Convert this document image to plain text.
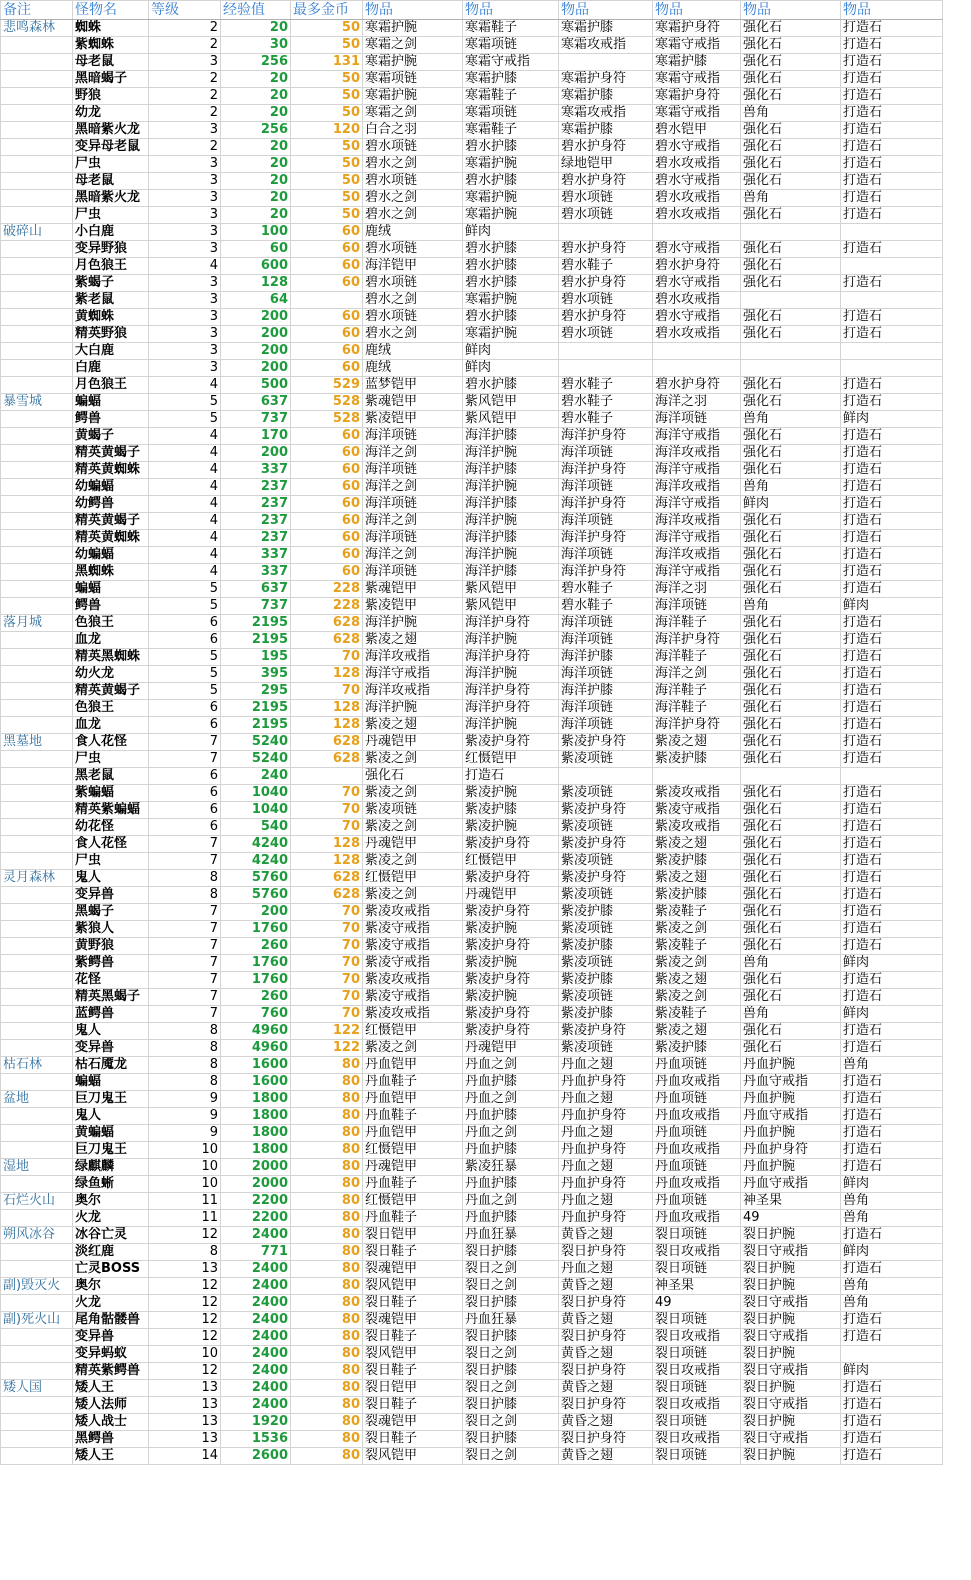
备注	怪物名	等级	经验值	最多金币	物品	物品	物品	物品	物品	物品
悲鸣森林	蜘蛛	2	20	50	寒霜护腕	寒霜鞋子	寒霜护膝	寒霜护身符	强化石	打造石
	紫蜘蛛	2	30	50	寒霜之剑	寒霜项链	寒霜攻戒指	寒霜守戒指	强化石	打造石
	母老鼠	3	256	131	寒霜护腕	寒霜守戒指		寒霜护膝	强化石	打造石
	黑暗蝎子	2	20	50	寒霜项链	寒霜护膝	寒霜护身符	寒霜守戒指	强化石	打造石
	野狼	2	20	50	寒霜护腕	寒霜鞋子	寒霜护膝	寒霜护身符	强化石	打造石
	幼龙	2	20	50	寒霜之剑	寒霜项链	寒霜攻戒指	寒霜守戒指	兽角	打造石
	黑暗紫火龙	3	256	120	白合之羽	寒霜鞋子	寒霜护膝	碧水铠甲	强化石	打造石
	变异母老鼠	2	20	50	碧水项链	碧水护膝	碧水护身符	碧水守戒指	强化石	打造石
	尸虫	3	20	50	碧水之剑	寒霜护腕	绿地铠甲	碧水攻戒指	强化石	打造石
	母老鼠	3	20	50	碧水项链	碧水护膝	碧水护身符	碧水守戒指	强化石	打造石
	黑暗紫火龙	3	20	50	碧水之剑	寒霜护腕	碧水项链	碧水攻戒指	兽角	打造石
	尸虫	3	20	50	碧水之剑	寒霜护腕	碧水项链	碧水攻戒指	强化石	打造石
破碎山	小白鹿	3	100	60	鹿绒	鲜肉				
	变异野狼	3	60	60	碧水项链	碧水护膝	碧水护身符	碧水守戒指	强化石	打造石
	月色狼王	4	600	60	海洋铠甲	碧水护膝	碧水鞋子	碧水护身符	强化石	
	紫蝎子	3	128	60	碧水项链	碧水护膝	碧水护身符	碧水守戒指	强化石	打造石
	紫老鼠	3	64		碧水之剑	寒霜护腕	碧水项链	碧水攻戒指		
	黄蜘蛛	3	200	60	碧水项链	碧水护膝	碧水护身符	碧水守戒指	强化石	打造石
	精英野狼	3	200	60	碧水之剑	寒霜护腕	碧水项链	碧水攻戒指	强化石	打造石
	大白鹿	3	200	60	鹿绒	鲜肉				
	白鹿	3	200	60	鹿绒	鲜肉				
	月色狼王	4	500	529	蓝梦铠甲	碧水护膝	碧水鞋子	碧水护身符	强化石	打造石
暴雪城	蝙蝠	5	637	528	紫魂铠甲	紫风铠甲	碧水鞋子	海洋之羽	强化石	打造石
	鳄兽	5	737	528	紫凌铠甲	紫风铠甲	碧水鞋子	海洋项链	兽角	鲜肉
	黄蝎子	4	170	60	海洋项链	海洋护膝	海洋护身符	海洋守戒指	强化石	打造石
	精英黄蝎子	4	200	60	海洋之剑	海洋护腕	海洋项链	海洋攻戒指	强化石	打造石
	精英黄蜘蛛	4	337	60	海洋项链	海洋护膝	海洋护身符	海洋守戒指	强化石	打造石
	幼蝙蝠	4	237	60	海洋之剑	海洋护腕	海洋项链	海洋攻戒指	兽角	打造石
	幼鳄兽	4	237	60	海洋项链	海洋护膝	海洋护身符	海洋守戒指	鲜肉	打造石
	精英黄蝎子	4	237	60	海洋之剑	海洋护腕	海洋项链	海洋攻戒指	强化石	打造石
	精英黄蜘蛛	4	237	60	海洋项链	海洋护膝	海洋护身符	海洋守戒指	强化石	打造石
	幼蝙蝠	4	337	60	海洋之剑	海洋护腕	海洋项链	海洋攻戒指	强化石	打造石
	黑蜘蛛	4	337	60	海洋项链	海洋护膝	海洋护身符	海洋守戒指	强化石	打造石
	蝙蝠	5	637	228	紫魂铠甲	紫风铠甲	碧水鞋子	海洋之羽	强化石	打造石
	鳄兽	5	737	228	紫凌铠甲	紫风铠甲	碧水鞋子	海洋项链	兽角	鲜肉
落月城	色狼王	6	2195	628	海洋护腕	海洋护身符	海洋项链	海洋鞋子	强化石	打造石
	血龙	6	2195	628	紫凌之翅	海洋护腕	海洋项链	海洋护身符	强化石	打造石
	精英黑蜘蛛	5	195	70	海洋攻戒指	海洋护身符	海洋护膝	海洋鞋子	强化石	打造石
	幼火龙	5	395	128	海洋守戒指	海洋护腕	海洋项链	海洋之剑	强化石	打造石
	精英黄蝎子	5	295	70	海洋攻戒指	海洋护身符	海洋护膝	海洋鞋子	强化石	打造石
	色狼王	6	2195	128	海洋护腕	海洋护身符	海洋项链	海洋鞋子	强化石	打造石
	血龙	6	2195	128	紫凌之翅	海洋护腕	海洋项链	海洋护身符	强化石	打造石
黑墓地	食人花怪	7	5240	628	丹魂铠甲	紫凌护身符	紫凌护身符	紫凌之翅	强化石	打造石
	尸虫	7	5240	628	紫凌之剑	红慑铠甲	紫凌项链	紫凌护膝	强化石	打造石
	黑老鼠	6	240		强化石	打造石				
	紫蝙蝠	6	1040	70	紫凌之剑	紫凌护腕	紫凌项链	紫凌攻戒指	强化石	打造石
	精英紫蝙蝠	6	1040	70	紫凌项链	紫凌护膝	紫凌护身符	紫凌守戒指	强化石	打造石
	幼花怪	6	540	70	紫凌之剑	紫凌护腕	紫凌项链	紫凌攻戒指	强化石	打造石
	食人花怪	7	4240	128	丹魂铠甲	紫凌护身符	紫凌护身符	紫凌之翅	强化石	打造石
	尸虫	7	4240	128	紫凌之剑	红慑铠甲	紫凌项链	紫凌护膝	强化石	打造石
灵月森林	鬼人	8	5760	628	红慑铠甲	紫凌护身符	紫凌护身符	紫凌之翅	强化石	打造石
	变异兽	8	5760	628	紫凌之剑	丹魂铠甲	紫凌项链	紫凌护膝	强化石	打造石
	黑蝎子	7	200	70	紫凌攻戒指	紫凌护身符	紫凌护膝	紫凌鞋子	强化石	打造石
	紫狼人	7	1760	70	紫凌守戒指	紫凌护腕	紫凌项链	紫凌之剑	强化石	打造石
	黄野狼	7	260	70	紫凌守戒指	紫凌护身符	紫凌护膝	紫凌鞋子	强化石	打造石
	紫鳄兽	7	1760	70	紫凌守戒指	紫凌护腕	紫凌项链	紫凌之剑	兽角	鲜肉
	花怪	7	1760	70	紫凌攻戒指	紫凌护身符	紫凌护膝	紫凌之翅	强化石	打造石
	精英黑蝎子	7	260	70	紫凌守戒指	紫凌护腕	紫凌项链	紫凌之剑	强化石	打造石
	蓝鳄兽	7	760	70	紫凌攻戒指	紫凌护身符	紫凌护膝	紫凌鞋子	兽角	鲜肉
	鬼人	8	4960	122	红慑铠甲	紫凌护身符	紫凌护身符	紫凌之翅	强化石	打造石
	变异兽	8	4960	122	紫凌之剑	丹魂铠甲	紫凌项链	紫凌护膝	强化石	打造石
枯石林	枯石魇龙	8	1600	80	丹血铠甲	丹血之剑	丹血之翅	丹血项链	丹血护腕	兽角
	蝙蝠	8	1600	80	丹血鞋子	丹血护膝	丹血护身符	丹血攻戒指	丹血守戒指	打造石
盆地	巨刀鬼王	9	1800	80	丹血铠甲	丹血之剑	丹血之翅	丹血项链	丹血护腕	打造石
	鬼人	9	1800	80	丹血鞋子	丹血护膝	丹血护身符	丹血攻戒指	丹血守戒指	打造石
	黄蝙蝠	9	1800	80	丹血铠甲	丹血之剑	丹血之翅	丹血项链	丹血护腕	打造石
	巨刀鬼王	10	1800	80	红慑铠甲	丹血护膝	丹血护身符	丹血攻戒指	丹血护身符	打造石
湿地	绿麒麟	10	2000	80	丹魂铠甲	紫凌狂暴	丹血之翅	丹血项链	丹血护腕	打造石
	绿鱼蜥	10	2000	80	丹血鞋子	丹血护膝	丹血护身符	丹血攻戒指	丹血守戒指	鲜肉
石烂火山	奥尔	11	2200	80	红慑铠甲	丹血之剑	丹血之翅	丹血项链	神圣果	兽角
	火龙	11	2200	80	丹血鞋子	丹血护膝	丹血护身符	丹血攻戒指	49	兽角
朔风冰谷	冰谷亡灵	12	2400	80	裂日铠甲	丹血狂暴	黄昏之翅	裂日项链	裂日护腕	打造石
	淡红鹿	8	771	80	裂日鞋子	裂日护膝	裂日护身符	裂日攻戒指	裂日守戒指	鲜肉
	亡灵BOSS	13	2400	80	裂魂铠甲	裂日之剑	丹血之翅	裂日项链	裂日护腕	打造石
副)毁灭火	奥尔	12	2400	80	裂风铠甲	裂日之剑	黄昏之翅	神圣果	裂日护腕	兽角
	火龙	12	2400	80	裂日鞋子	裂日护膝	裂日护身符	49	裂日守戒指	兽角
副)死火山	尾角骷髅兽	12	2400	80	裂魂铠甲	丹血狂暴	黄昏之翅	裂日项链	裂日护腕	打造石
	变异兽	12	2400	80	裂日鞋子	裂日护膝	裂日护身符	裂日攻戒指	裂日守戒指	打造石
	变异蚂蚁	10	2400	80	裂风铠甲	裂日之剑	黄昏之翅	裂日项链	裂日护腕	
	精英紫鳄兽	12	2400	80	裂日鞋子	裂日护膝	裂日护身符	裂日攻戒指	裂日守戒指	鲜肉
矮人国	矮人王	13	2400	80	裂日铠甲	裂日之剑	黄昏之翅	裂日项链	裂日护腕	打造石
	矮人法师	13	2400	80	裂日鞋子	裂日护膝	裂日护身符	裂日攻戒指	裂日守戒指	打造石
	矮人战士	13	1920	80	裂魂铠甲	裂日之剑	黄昏之翅	裂日项链	裂日护腕	打造石
	黑鳄兽	13	1536	80	裂日鞋子	裂日护膝	裂日护身符	裂日攻戒指	裂日守戒指	打造石
	矮人王	14	2600	80	裂风铠甲	裂日之剑	黄昏之翅	裂日项链	裂日护腕	打造石
